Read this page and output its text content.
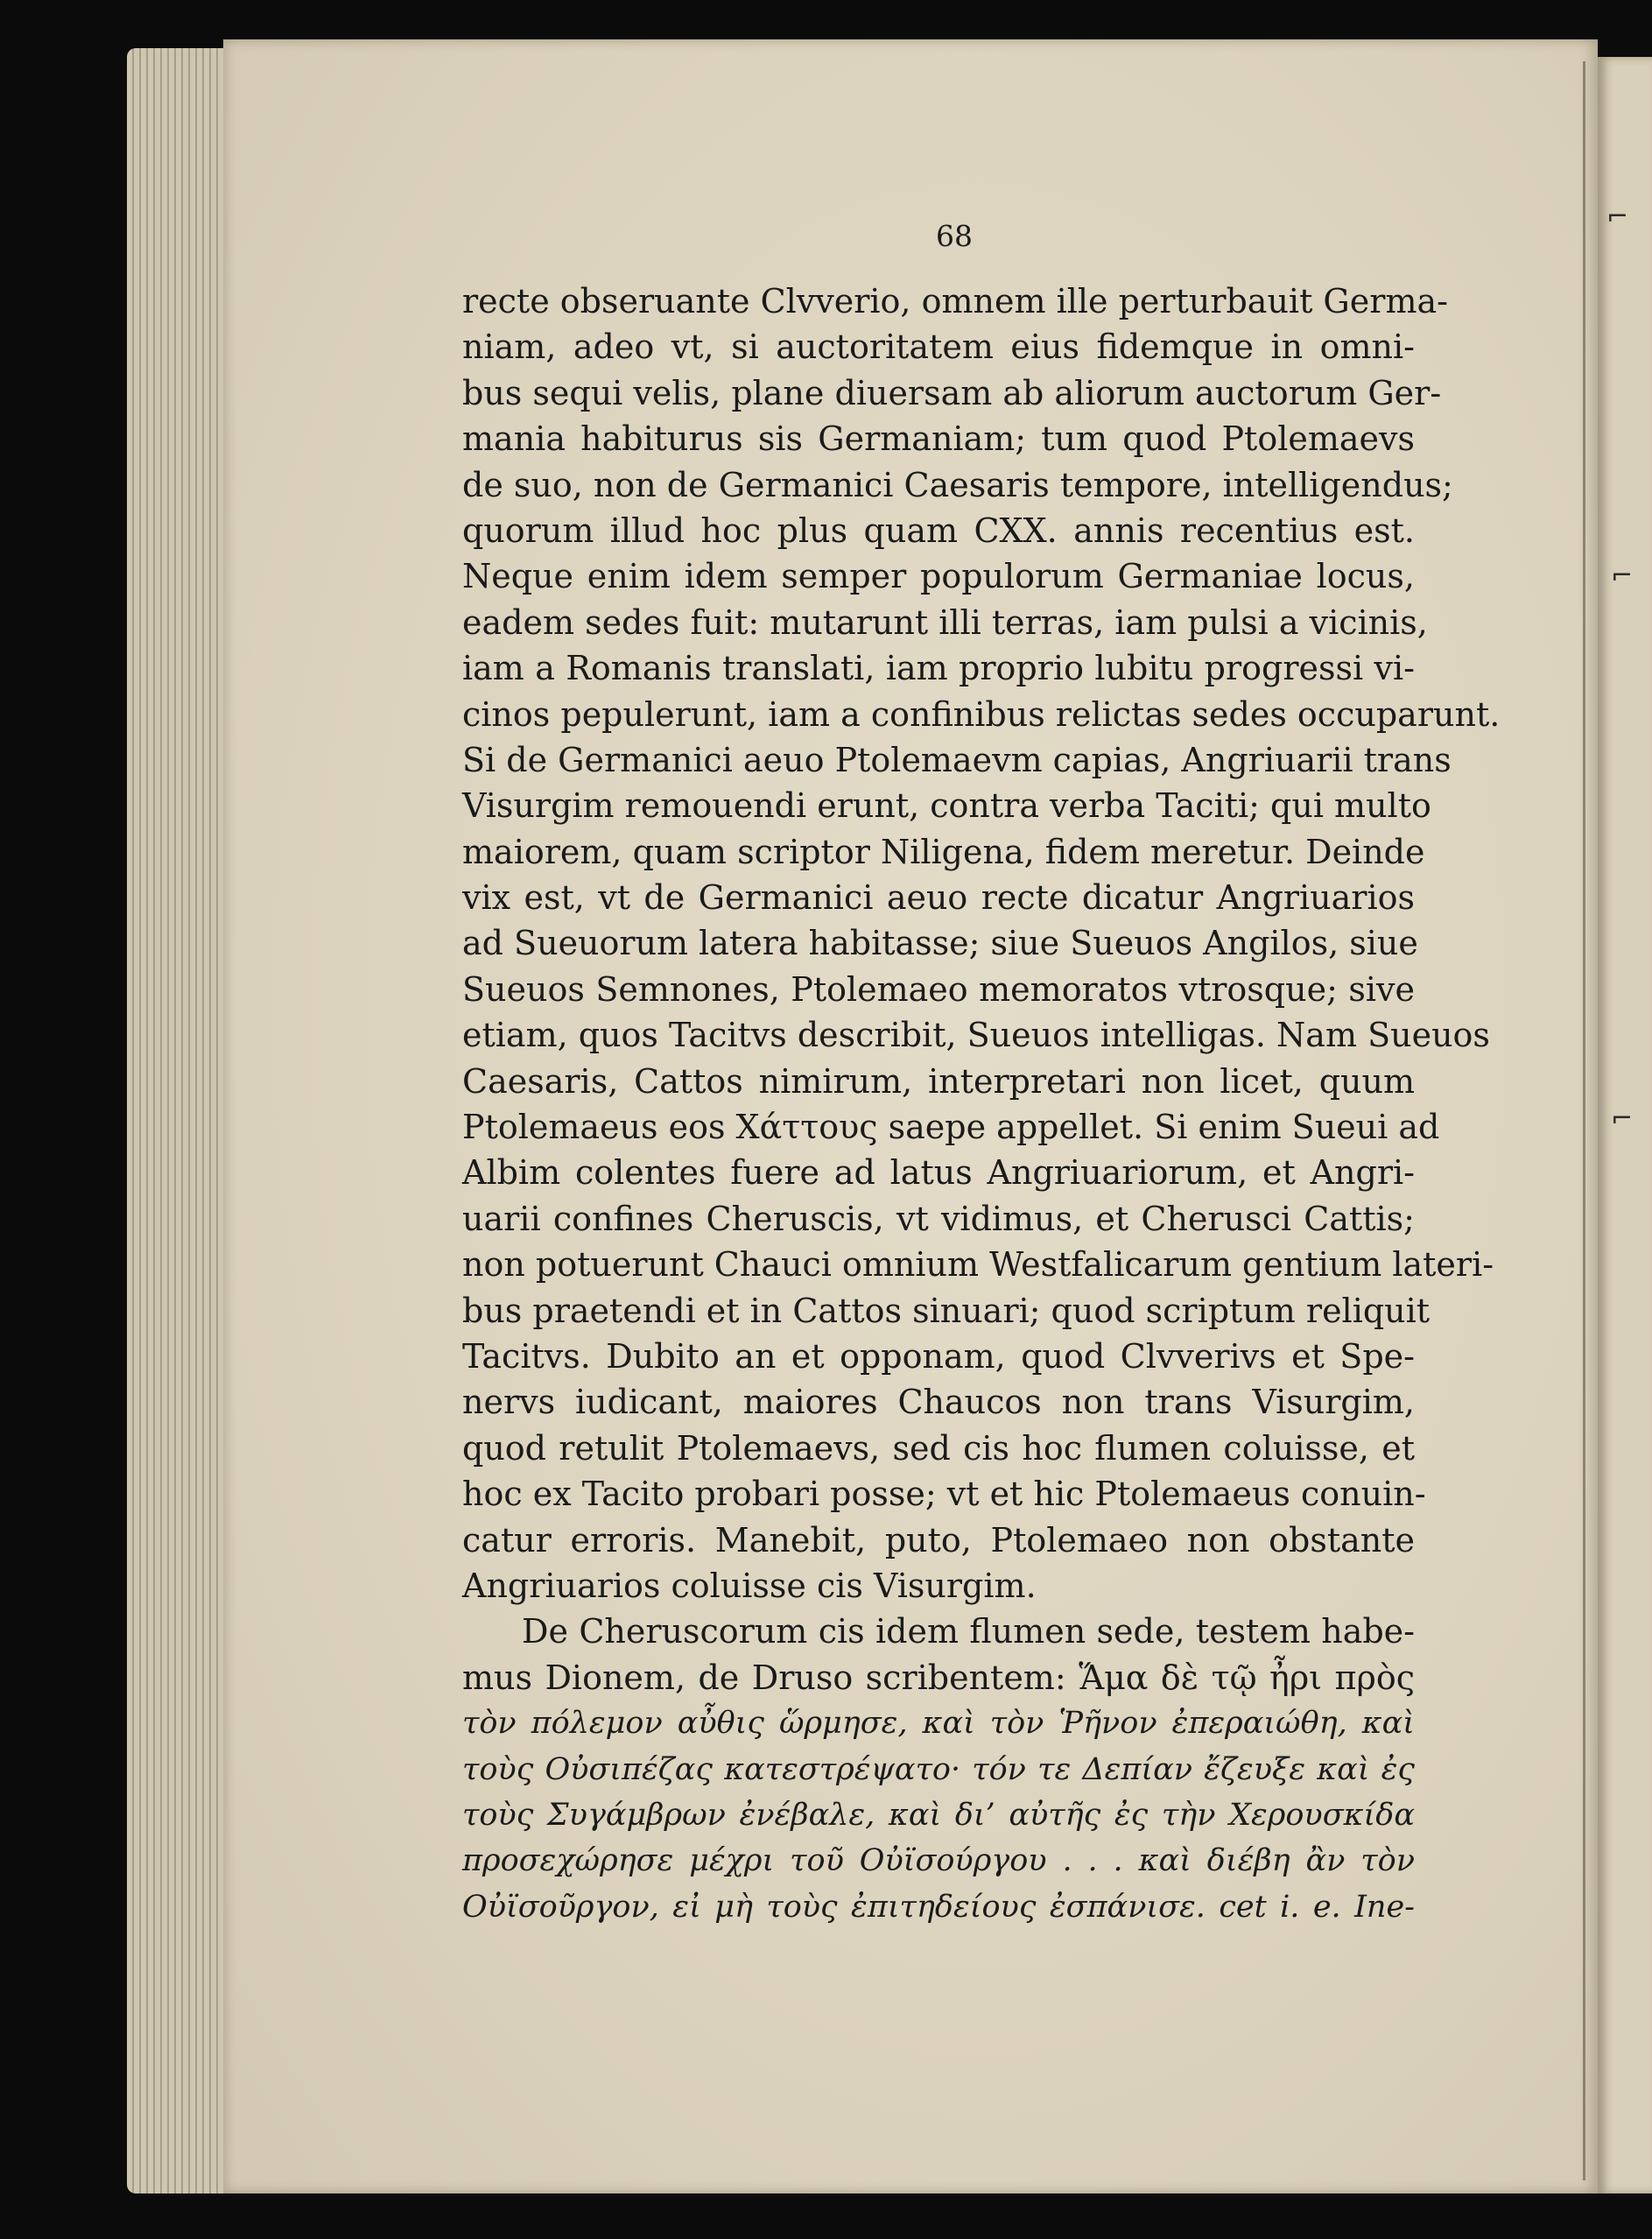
68
recte obseruante Clvverio, omnem ille perturbauit Germa-
niam, adeo vt, si auctoritatem eius fidemque in omni-
bus sequi velis, plane diuersam ab aliorum auctorum Ger-
mania habiturus sis Germaniam; tum quod Ptolemaevs
de suo, non de Germanici Caesaris tempore, intelligendus;
quorum illud hoc plus quam CXX. annis recentius est.
Neque enim idem semper populorum Germaniae locus,
eadem sedes fuit: mutarunt illi terras, iam pulsi a vicinis,
iam a Romanis translati, iam proprio lubitu progressi vi-
cinos pepulerunt, iam a confinibus relictas sedes occuparunt.
Si de Germanici aeuo Ptolemaevm capias, Angriuarii trans
Visurgim remouendi erunt, contra verba Taciti; qui multo
maiorem, quam scriptor Niligena, fidem meretur. Deinde
vix est, vt de Germanici aeuo recte dicatur Angriuarios
ad Sueuorum latera habitasse; siue Sueuos Angilos, siue
Sueuos Semnones, Ptolemaeo memoratos vtrosque; sive
etiam, quos Tacitvs describit, Sueuos intelligas. Nam Sueuos
Caesaris, Cattos nimirum, interpretari non licet, quum
Ptolemaeus eos Χάττους saepe appellet. Si enim Sueui ad
Albim colentes fuere ad latus Angriuariorum, et Angri-
uarii confines Cheruscis, vt vidimus, et Cherusci Cattis;
non potuerunt Chauci omnium Westfalicarum gentium lateri-
bus praetendi et in Cattos sinuari; quod scriptum reliquit
Tacitvs. Dubito an et opponam, quod Clvverivs et Spe-
nervs iudicant, maiores Chaucos non trans Visurgim,
quod retulit Ptolemaevs, sed cis hoc flumen coluisse, et
hoc ex Tacito probari posse; vt et hic Ptolemaeus conuin-
catur erroris. Manebit, puto, Ptolemaeo non obstante
Angriuarios coluisse cis Visurgim.
De Cheruscorum cis idem flumen sede, testem habe-
mus Dionem, de Druso scribentem: Ἅμα δὲ τῷ ἦρι πρὸς
τὸν πόλεμον αὖθις ὥρμησε, καὶ τὸν Ῥῆνον ἐπεραιώθη, καὶ
τοὺς Οὐσιπέζας κατεστρέψατο· τόν τε Δεπίαν ἔζευξε καὶ ἐς
τοὺς Συγάμβρων ἐνέβαλε, καὶ δι’ αὐτῆς ἐς τὴν Χερουσκίδα
προσεχώρησε μέχρι τοῦ Οὐϊσούργου . . . καὶ διέβη ἂν τὸν
Οὐϊσοῦργον, εἰ μὴ τοὺς ἐπιτηδείους ἐσπάνισε. cet i. e. Ine-
⌐
⌐
⌐
